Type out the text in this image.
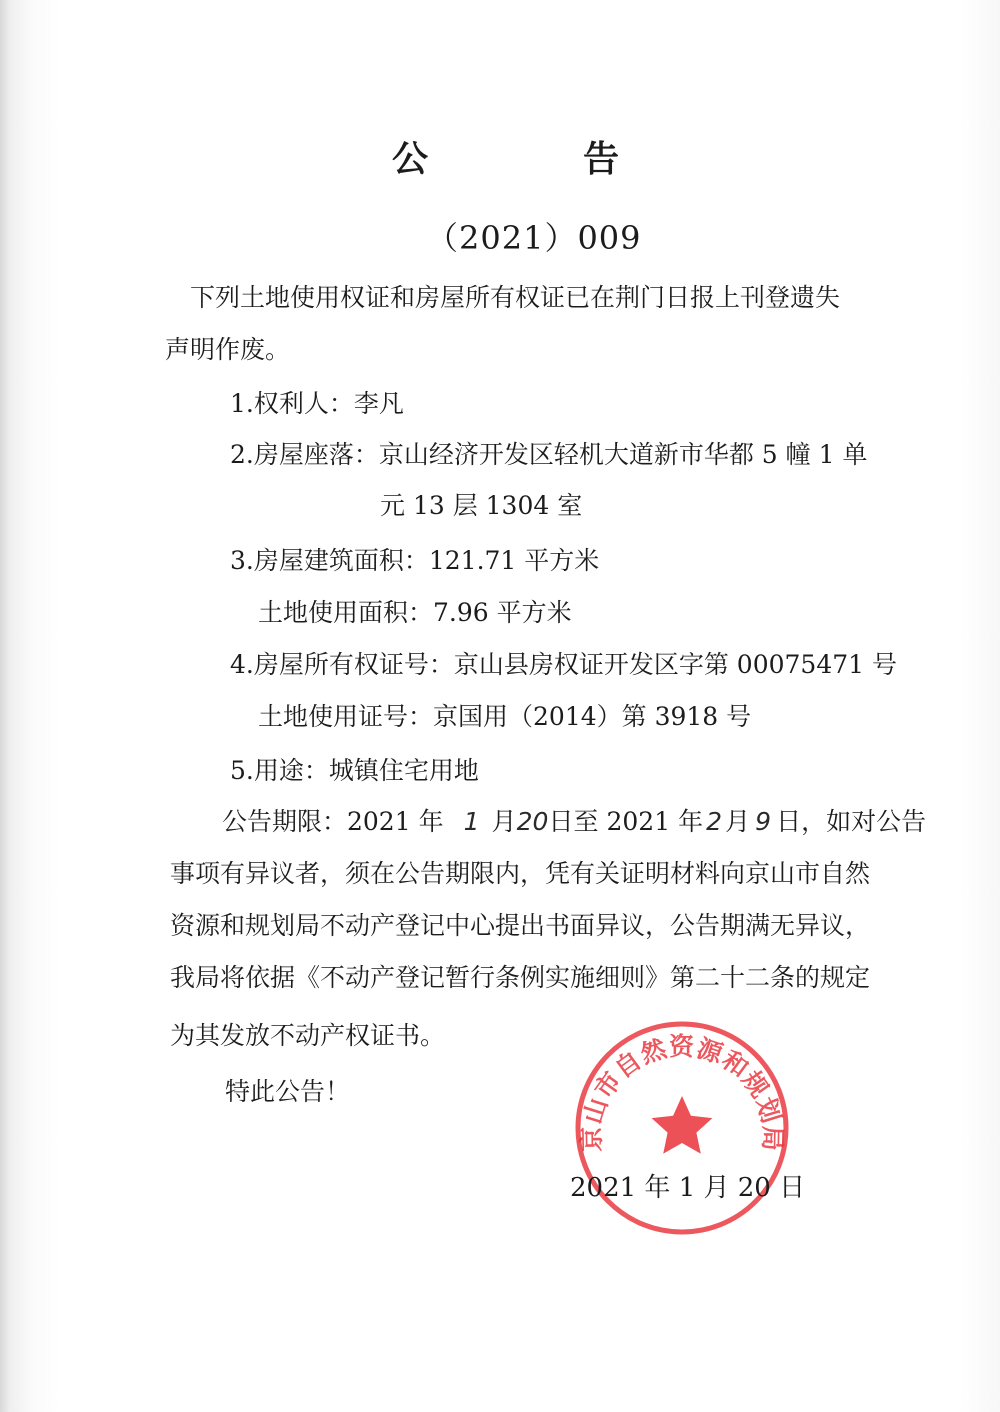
公告
（2021）009
下列土地使用权证和房屋所有权证已在荆门日报上刊登遗失
声明作废。
1.权利人：李凡
2.房屋座落：京山经济开发区轻机大道新市华都 5 幢 1 单
元 13 层 1304 室
3.房屋建筑面积：121.71 平方米
土地使用面积：7.96 平方米
4.房屋所有权证号：京山县房权证开发区字第 00075471 号
土地使用证号：京国用（2014）第 3918 号
5.用途：城镇住宅用地
公告期限：2021 年 1 月20日至 2021 年 2 月 9 日，如对公告
事项有异议者，须在公告期限内，凭有关证明材料向京山市自然
资源和规划局不动产登记中心提出书面异议，公告期满无异议，
我局将依据《不动产登记暂行条例实施细则》第二十二条的规定
为其发放不动产权证书。
特此公告！
京山市自然资源和规划局
2021 年 1 月 20 日
